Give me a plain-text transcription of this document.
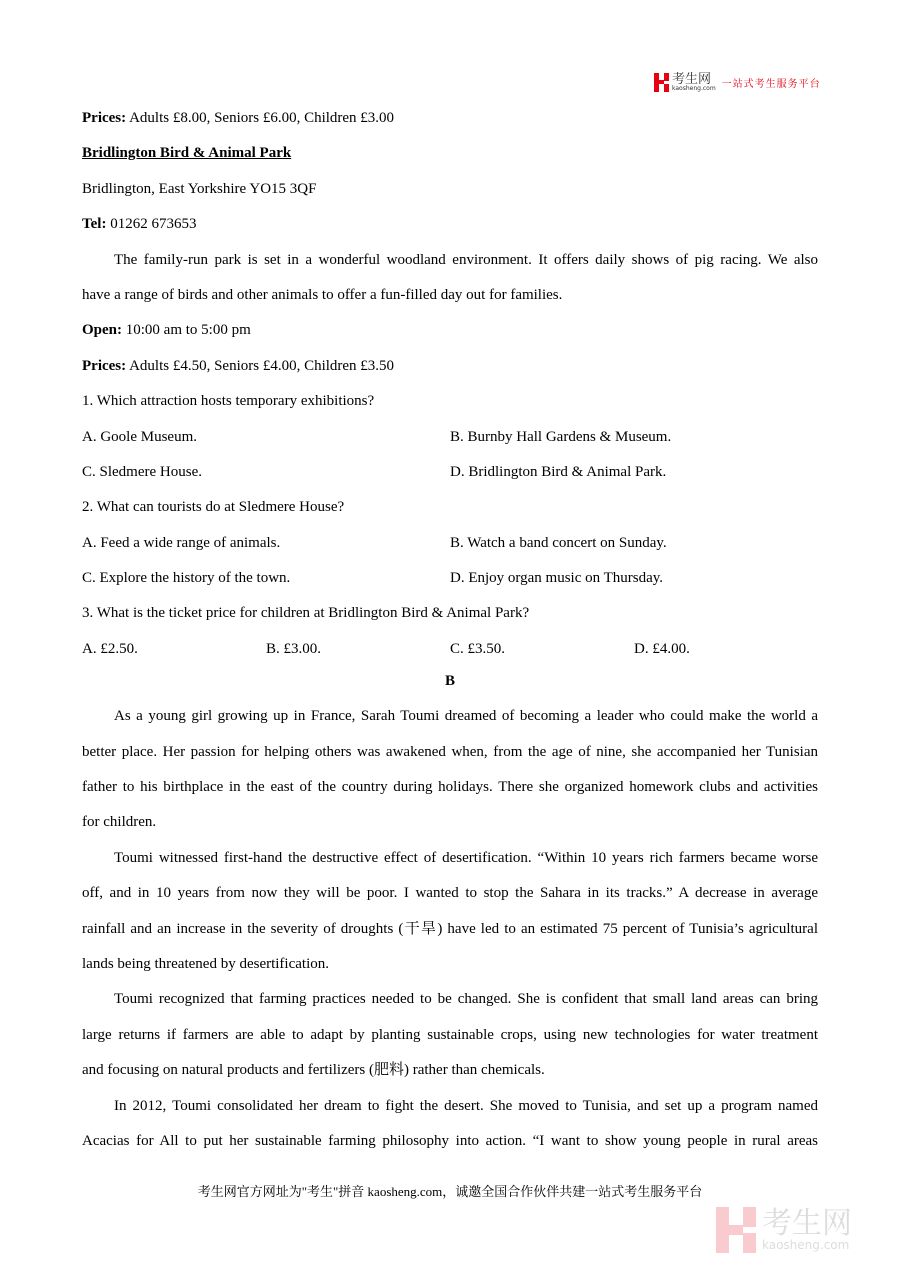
考生网
kaosheng.com 一站式考生服务平台
Prices: Adults £8.00, Seniors £6.00, Children £3.00
Bridlington Bird & Animal Park
Bridlington, East Yorkshire YO15 3QF
Tel: 01262 673653
The family-run park is set in a wonderful woodland environment. It offers daily shows of pig racing. We also
have a range of birds and other animals to offer a fun-filled day out for families.
Open: 10:00 am to 5:00 pm
Prices: Adults £4.50, Seniors £4.00, Children £3.50
1. Which attraction hosts temporary exhibitions?
A. Goole Museum.	B. Burnby Hall Gardens & Museum.
C. Sledmere House.	D. Bridlington Bird & Animal Park.
2. What can tourists do at Sledmere House?
A. Feed a wide range of animals.	B. Watch a band concert on Sunday.
C. Explore the history of the town.	D. Enjoy organ music on Thursday.
3. What is the ticket price for children at Bridlington Bird & Animal Park?
A. £2.50.	B. £3.00.	C. £3.50.	D. £4.00.
B
As a young girl growing up in France, Sarah Toumi dreamed of becoming a leader who could make the world a
better place. Her passion for helping others was awakened when, from the age of nine, she accompanied her Tunisian
father to his birthplace in the east of the country during holidays. There she organized homework clubs and activities
for children.
Toumi witnessed first-hand the destructive effect of desertification. “Within 10 years rich farmers became worse
off, and in 10 years from now they will be poor. I wanted to stop the Sahara in its tracks.” A decrease in average
rainfall and an increase in the severity of droughts (干旱) have led to an estimated 75 percent of Tunisia’s agricultural
lands being threatened by desertification.
Toumi recognized that farming practices needed to be changed. She is confident that small land areas can bring
large returns if farmers are able to adapt by planting sustainable crops, using new technologies for water treatment
and focusing on natural products and fertilizers (肥料) rather than chemicals.
In 2012, Toumi consolidated her dream to fight the desert. She moved to Tunisia, and set up a program named
Acacias for All to put her sustainable farming philosophy into action. “I want to show young people in rural areas
考生网官方网址为"考生"拼音 kaosheng.com，诚邀全国合作伙伴共建一站式考生服务平台
考生网
kaosheng.com
